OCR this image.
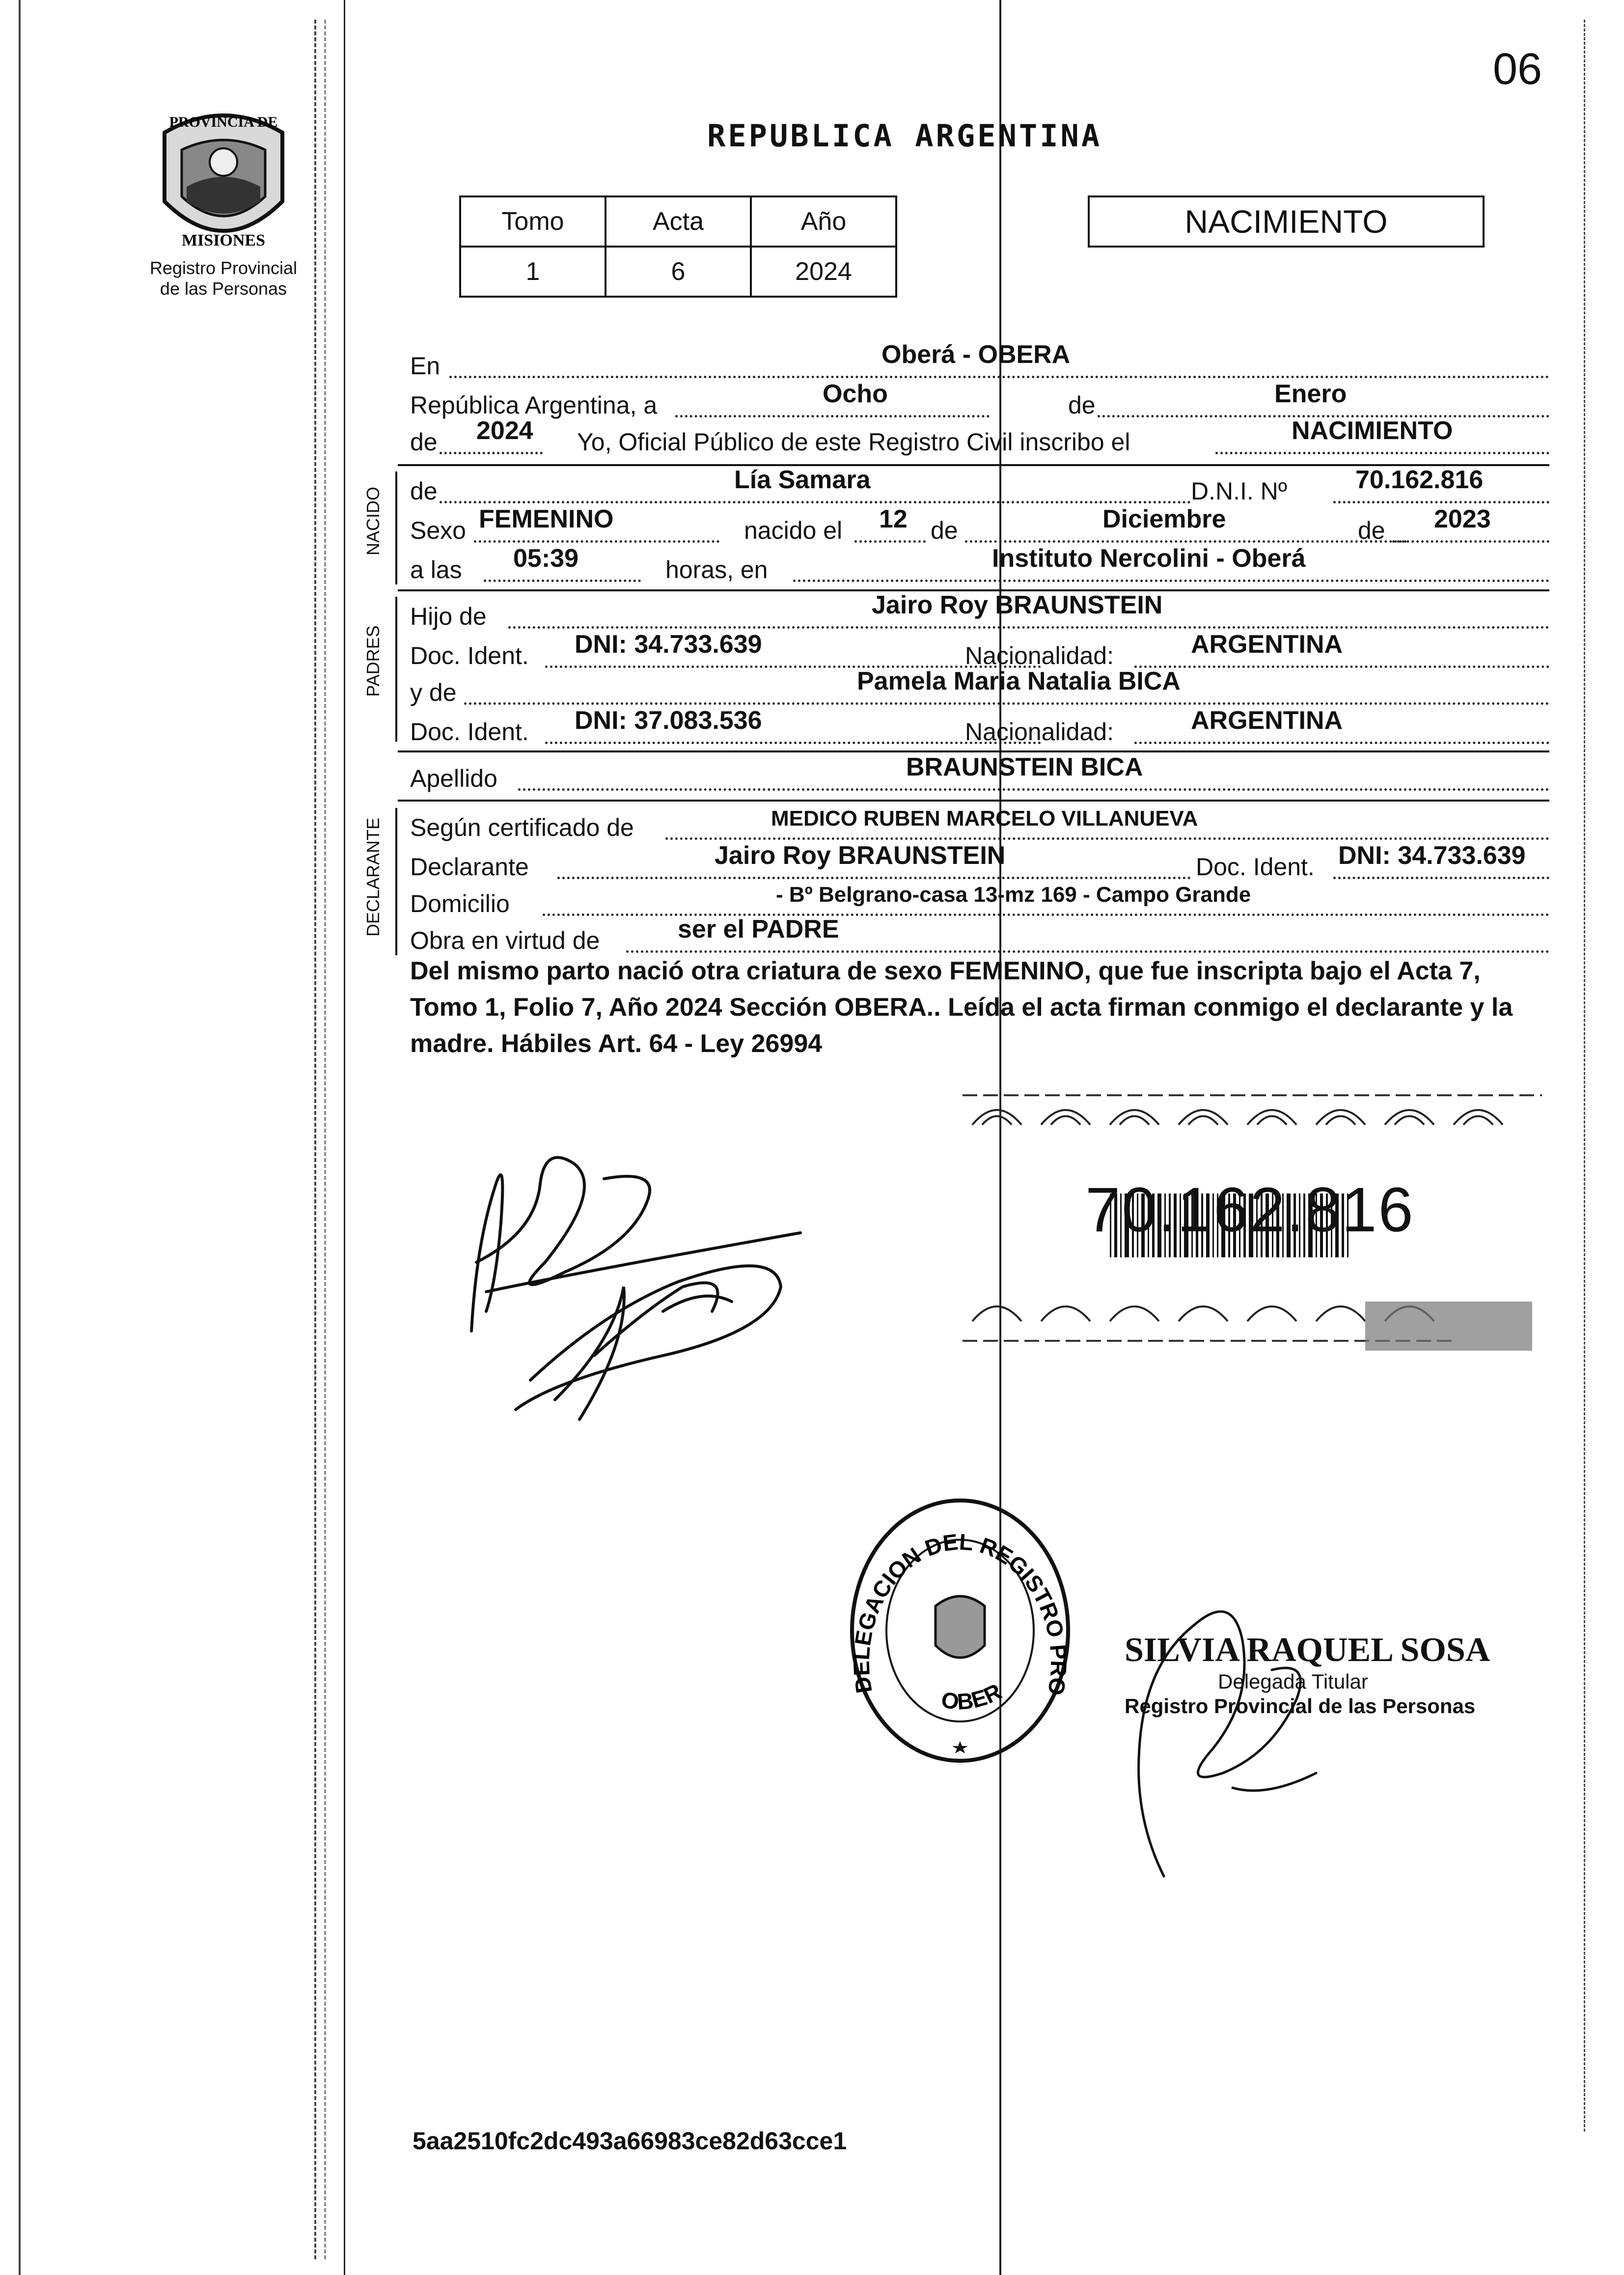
06
PROVINCIA DE
MISIONES
Registro Provincial
de las Personas
REPUBLICA ARGENTINA
Tomo	Acta	Año
1	6	2024
NACIMIENTO
En	Oberá - OBERA
República Argentina, a	Ocho	de	Enero
de 2024 Yo, Oficial Público de este Registro Civil inscribo el	NACIMIENTO
NACIDO de	Lía Samara	D.N.I. Nº	70.162.816
Sexo FEMENINO	nacido el 12 de	Diciembre	de 2023
a las 05:39	horas, en	Instituto Nercolini - Oberá
PADRES
Hijo de	Jairo Roy BRAUNSTEIN
Doc. Ident. DNI: 34.733.639	Nacionalidad:	ARGENTINA
y de	Pamela Maria Natalia BICA
Doc. Ident. DNI: 37.083.536	Nacionalidad:	ARGENTINA
Apellido	BRAUNSTEIN BICA
DECLARANTE Según certificado de	MEDICO RUBEN MARCELO VILLANUEVA
Declarante	Jairo Roy BRAUNSTEIN	Doc. Ident. DNI: 34.733.639
Domicilio	- Bº Belgrano-casa 13-mz 169 - Campo Grande
Obra en virtud de	ser el PADRE
Del mismo parto nació otra criatura de sexo FEMENINO, que fue inscripta bajo el Acta 7, Tomo 1, Folio 7, Año 2024 Sección OBERA.. Leída el acta firman conmigo el declarante y la madre. Hábiles Art. 64 - Ley 26994
70.162.816
DELEGACION DEL REGISTRO PRO
OBER
SILVIA RAQUEL SOSA
Delegada Titular
Registro Provincial de las Personas
5aa2510fc2dc493a66983ce82d63cce1
